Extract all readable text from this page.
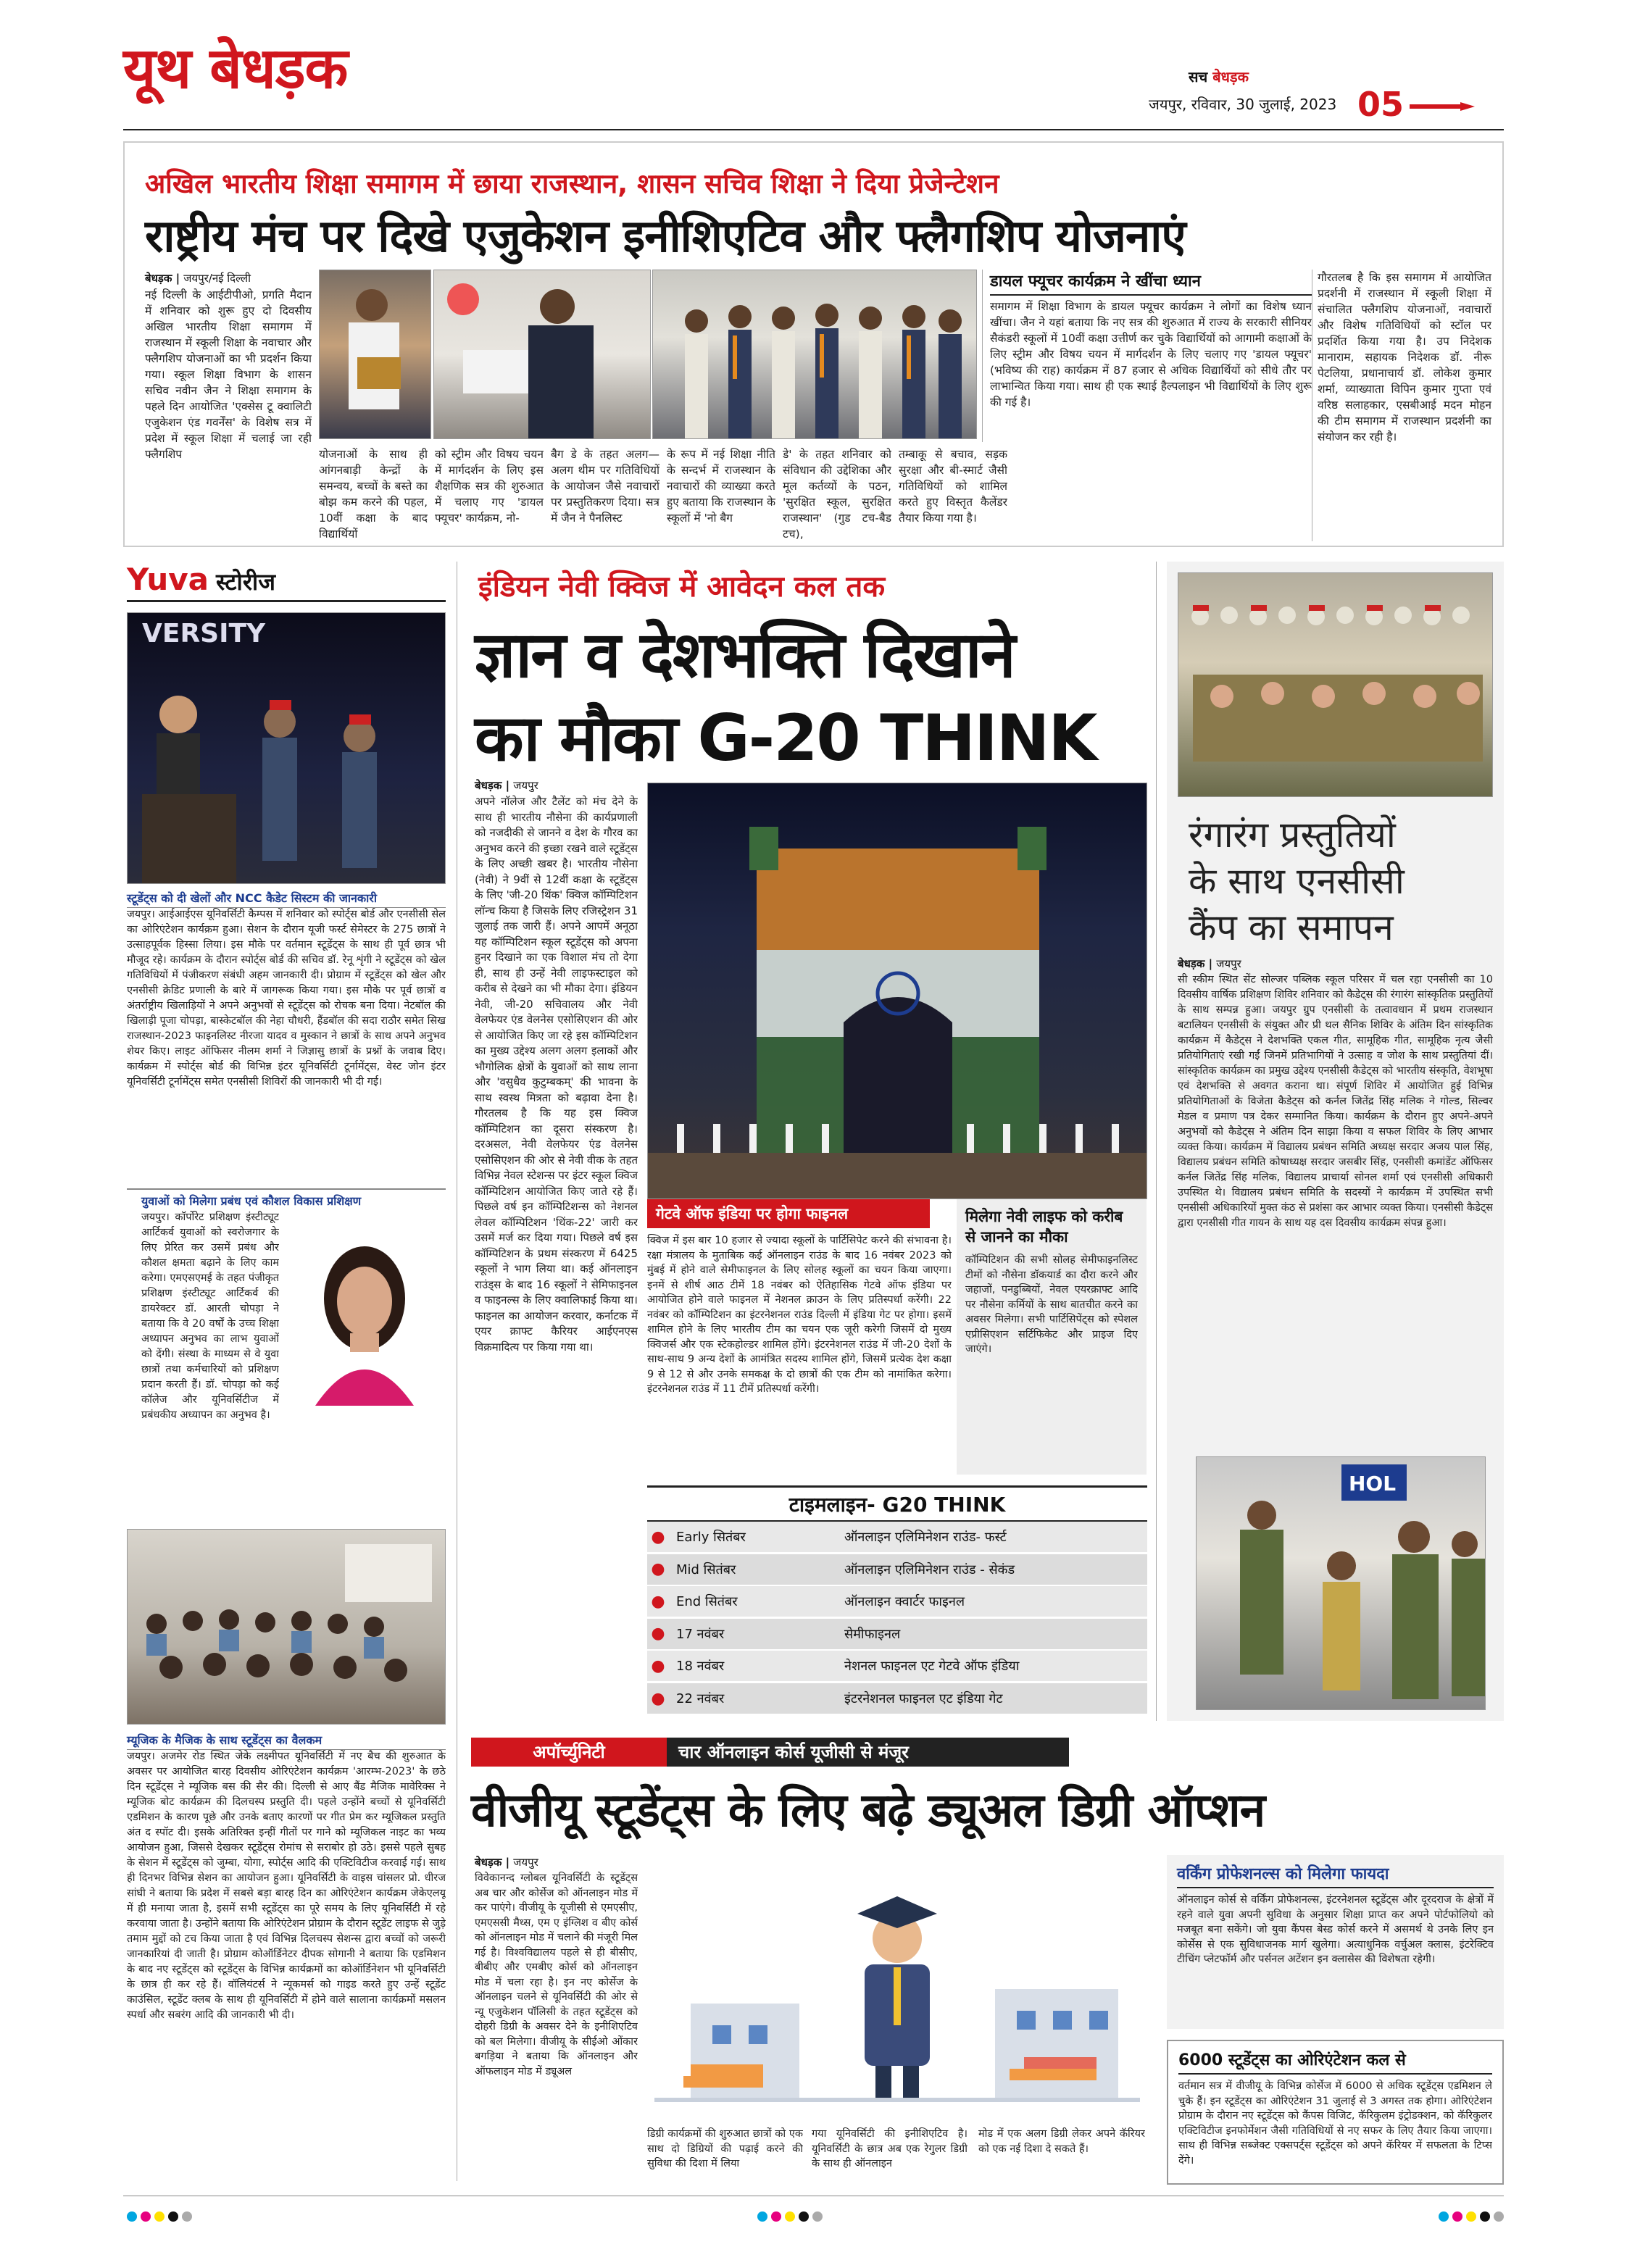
यूथ बेधड़क	सच बेधड़क
जयपुर, रविवार, 30 जुलाई, 2023 05
अखिल भारतीय शिक्षा समागम में छाया राजस्थान, शासन सचिव शिक्षा ने दिया प्रेजेन्टेशन
राष्ट्रीय मंच पर दिखे एजुकेशन इनीशिएटिव और फ्लैगशिप योजनाएं
बेधड़क | जयपुर/नई दिल्ली
नई दिल्ली के आईटीपीओ, प्रगति मैदान में शनिवार को शुरू हुए दो दिवसीय अखिल भारतीय शिक्षा समागम में राजस्थान में स्कूली शिक्षा के नवाचार और फ्लैगशिप योजनाओं का भी प्रदर्शन किया गया। स्कूल शिक्षा विभाग के शासन सचिव नवीन जैन ने शिक्षा समागम के पहले दिन आयोजित 'एक्सेस टू क्वालिटी एजुकेशन एंड गवर्नेंस' के विशेष सत्र में प्रदेश में स्कूल शिक्षा में चलाई जा रही फ्लैगशिप	योजनाओं के साथ ही आंगनबाड़ी केन्द्रों के समन्वय, बच्चों के बस्ते का बोझ कम करने की पहल, 10वीं कक्षा के बाद विद्यार्थियों
को स्ट्रीम और विषय चयन में मार्गदर्शन के लिए इस शैक्षणिक सत्र की शुरुआत में चलाए गए 'डायल फ्यूचर' कार्यक्रम, नो-
बैग डे के तहत अलग—अलग थीम पर गतिविधियों के आयोजन जैसे नवाचारों पर प्रस्तुतिकरण दिया। सत्र में जैन ने पैनलिस्ट
के रूप में नई शिक्षा नीति के सन्दर्भ में राजस्थान के नवाचारों की व्याख्या करते हुए बताया कि राजस्थान के स्कूलों में 'नो बैग
डे' के तहत शनिवार को संविधान की उद्देशिका और मूल कर्तव्यों के पठन, 'सुरक्षित स्कूल, सुरक्षित राजस्थान' (गुड टच-बैड टच),
तम्बाकू से बचाव, सड़क सुरक्षा और बी-स्मार्ट जैसी गतिविधियों को शामिल करते हुए विस्तृत कैलेंडर तैयार किया गया है।
डायल फ्यूचर कार्यक्रम ने खींचा ध्यान
समागम में शिक्षा विभाग के डायल फ्यूचर कार्यक्रम ने लोगों का विशेष ध्यान खींचा। जैन ने यहां बताया कि नए सत्र की शुरुआत में राज्य के सरकारी सीनियर सैकंडरी स्कूलों में 10वीं कक्षा उत्तीर्ण कर चुके विद्यार्थियों को आगामी कक्षाओं के लिए स्ट्रीम और विषय चयन में मार्गदर्शन के लिए चलाए गए 'डायल फ्यूचर' (भविष्य की राह) कार्यक्रम में 87 हजार से अधिक विद्यार्थियों को सीधे तौर पर लाभान्वित किया गया। साथ ही एक स्थाई हैल्पलाइन भी विद्यार्थियों के लिए शुरू की गई है।
गौरतलब है कि इस समागम में आयोजित प्रदर्शनी में राजस्थान में स्कूली शिक्षा में संचालित फ्लैगशिप योजनाओं, नवाचारों और विशेष गतिविधियों को स्टॉल पर प्रदर्शित किया गया है। उप निदेशक मानाराम, सहायक निदेशक डॉ. नीरू पेटलिया, प्रधानाचार्य डॉ. लोकेश कुमार शर्मा, व्याख्याता विपिन कुमार गुप्ता एवं वरिष्ठ सलाहकार, एसबीआई मदन मोहन की टीम समागम में राजस्थान प्रदर्शनी का संयोजन कर रही है।
Yuva स्टोरीज
VERSITY
स्टूडेंट्स को दी खेलों और NCC कैडेट सिस्टम की जानकारी
जयपुर। आईआईएस यूनिवर्सिटी कैम्पस में शनिवार को स्पोर्ट्स बोर्ड और एनसीसी सेल का ओरिएंटेशन कार्यक्रम हुआ। सेशन के दौरान यूजी फर्स्ट सेमेस्टर के 275 छात्रों ने उत्साहपूर्वक हिस्सा लिया। इस मौके पर वर्तमान स्टूडेंट्स के साथ ही पूर्व छात्र भी मौजूद रहे। कार्यक्रम के दौरान स्पोर्ट्स बोर्ड की सचिव डॉ. रेनू शृंगी ने स्टूडेंट्स को खेल गतिविधियों में पंजीकरण संबंधी अहम जानकारी दी। प्रोग्राम में स्टूडेंट्स को खेल और एनसीसी क्रेडिट प्रणाली के बारे में जागरूक किया गया। इस मौके पर पूर्व छात्रों व अंतर्राष्ट्रीय खिलाड़ियों ने अपने अनुभवों से स्टूडेंट्स को रोचक बना दिया। नेटबॉल की खिलाड़ी पूजा चोपड़ा, बास्केटबॉल की नेहा चौधरी, हैंडबॉल की सदा राठौर समेत सिख राजस्थान-2023 फाइनलिस्ट नीरजा यादव व मुस्कान ने छात्रों के साथ अपने अनुभव शेयर किए। लाइट ऑफिसर नीलम शर्मा ने जिज्ञासु छात्रों के प्रश्नों के जवाब दिए। कार्यक्रम में स्पोर्ट्स बोर्ड की विभिन्न इंटर यूनिवर्सिटी टूर्नामेंट्स, वेस्ट जोन इंटर यूनिवर्सिटी टूर्नामेंट्स समेत एनसीसी शिविरों की जानकारी भी दी गई।
युवाओं को मिलेगा प्रबंध एवं कौशल विकास प्रशिक्षण
जयपुर। कॉर्पोरेट प्रशिक्षण इंस्टीट्यूट आर्टिकर्व युवाओं को स्वरोजगार के लिए प्रेरित कर उसमें प्रबंध और कौशल क्षमता बढ़ाने के लिए काम करेगा। एमएसएमई के तहत पंजीकृत प्रशिक्षण इंस्टीट्यूट आर्टिकर्व की डायरेक्टर डॉ. आरती चोपड़ा ने बताया कि वे 20 वर्षों के उच्च शिक्षा अध्यापन अनुभव का लाभ युवाओं को देंगी। संस्था के माध्यम से वे युवा छात्रों तथा कर्मचारियों को प्रशिक्षण प्रदान करती हैं। डॉ. चोपड़ा को कई कॉलेज और यूनिवर्सिटीज में प्रबंधकीय अध्यापन का अनुभव है।
म्यूजिक के मैजिक के साथ स्टूडेंट्स का वैलकम
जयपुर। अजमेर रोड स्थित जेके लक्ष्मीपत यूनिवर्सिटी में नए बैच की शुरुआत के अवसर पर आयोजित बारह दिवसीय ओरिएंटेशन कार्यक्रम 'आरम्भ-2023' के छठे दिन स्टूडेंट्स ने म्यूजिक बस की सैर की। दिल्ली से आए बैंड मैजिक मावेरिक्स ने म्यूजिक बोट कार्यक्रम की दिलचस्प प्रस्तुति दी। पहले उन्होंने बच्चों से यूनिवर्सिटी एडमिशन के कारण पूछे और उनके बताए कारणों पर गीत प्रेम कर म्यूजिकल प्रस्तुति अंत द स्पॉट दी। इसके अतिरिक्त इन्हीं गीतों पर गाने को म्यूजिकल नाइट का भव्य आयोजन हुआ, जिससे देखकर स्टूडेंट्स रोमांच से सराबोर हो उठे। इससे पहले सुबह के सेशन में स्टूडेंट्स को जुम्बा, योगा, स्पोर्ट्स आदि की एक्टिविटीज करवाई गई। साथ ही दिनभर विभिन्न सेशन का आयोजन हुआ। यूनिवर्सिटी के वाइस चांसलर प्रो. धीरज सांघी ने बताया कि प्रदेश में सबसे बड़ा बारह दिन का ओरिएंटेशन कार्यक्रम जेकेएलयू में ही मनाया जाता है, इसमें सभी स्टूडेंट्स का पूरे समय के लिए यूनिवर्सिटी में रहे करवाया जाता है। उन्होंने बताया कि ओरिएंटेशन प्रोग्राम के दौरान स्टूडेंट लाइफ से जुड़े तमाम मुद्दों को टच किया जाता है एवं विभिन्न दिलचस्प सेशन्स द्वारा बच्चों को जरूरी जानकारियां दी जाती है। प्रोग्राम कोऑर्डिनेटर दीपक सोगानी ने बताया कि एडमिशन के बाद नए स्टूडेंट्स को स्टूडेंट्स के विभिन्न कार्यक्रमों का कोऑर्डिनेशन भी यूनिवर्सिटी के छात्र ही कर रहे हैं। वॉलियंटर्स ने न्यूकमर्स को गाइड करते हुए उन्हें स्टूडेंट काउंसिल, स्टूडेंट क्लब के साथ ही यूनिवर्सिटी में होने वाले सालाना कार्यक्रमों मसलन स्पर्धा और सबरंग आदि की जानकारी भी दी।
इंडियन नेवी क्विज में आवेदन कल तक
ज्ञान व देशभक्ति दिखाने
का मौका G-20 THINK
बेधड़क | जयपुर
अपने नॉलेज और टैलेंट को मंच देने के साथ ही भारतीय नौसेना की कार्यप्रणाली को नजदीकी से जानने व देश के गौरव का अनुभव करने की इच्छा रखने वाले स्टूडेंट्स के लिए अच्छी खबर है। भारतीय नौसेना (नेवी) ने 9वीं से 12वीं कक्षा के स्टूडेंट्स के लिए 'जी-20 थिंक' क्विज कॉम्पिटिशन लॉन्च किया है जिसके लिए रजिस्ट्रेशन 31 जुलाई तक जारी हैं। अपने आपमें अनूठा यह कॉम्पिटिशन स्कूल स्टूडेंट्स को अपना हुनर दिखाने का एक विशाल मंच तो देगा ही, साथ ही उन्हें नेवी लाइफस्टाइल को करीब से देखने का भी मौका देगा। इंडियन नेवी, जी-20 सचिवालय और नेवी वेलफेयर एंड वेलनेस एसोसिएशन की ओर से आयोजित किए जा रहे इस कॉम्पिटिशन का मुख्य उद्देश्य अलग अलग इलाकों और भौगोलिक क्षेत्रों के युवाओं को साथ लाना और 'वसुधैव कुटुम्बकम्' की भावना के साथ स्वस्थ मित्रता को बढ़ावा देना है। गौरतलब है कि यह इस क्विज कॉम्पिटिशन का दूसरा संस्करण है। दरअसल, नेवी वेलफेयर एंड वेलनेस एसोसिएशन की ओर से नेवी वीक के तहत विभिन्न नेवल स्टेशन्स पर इंटर स्कूल क्विज कॉम्पिटिशन आयोजित किए जाते रहे हैं। पिछले वर्ष इन कॉम्पिटिशन्स को नेशनल लेवल कॉम्पिटिशन 'थिंक-22' जारी कर उसमें मर्ज कर दिया गया। पिछले वर्ष इस कॉम्पिटिशन के प्रथम संस्करण में 6425 स्कूलों ने भाग लिया था। कई ऑनलाइन राउंड्स के बाद 16 स्कूलों ने सेमिफाइनल व फाइनल्स के लिए क्वालिफाई किया था। फाइनल का आयोजन करवार, कर्नाटक में एयर क्राफ्ट कैरियर आईएनएस विक्रमादित्य पर किया गया था।
गेटवे ऑफ इंडिया पर होगा फाइनल
क्विज में इस बार 10 हजार से ज्यादा स्कूलों के पार्टिसिपेट करने की संभावना है। रक्षा मंत्रालय के मुताबिक कई ऑनलाइन राउंड के बाद 16 नवंबर 2023 को मुंबई में होने वाले सेमीफाइनल के लिए सोलह स्कूलों का चयन किया जाएगा। इनमें से शीर्ष आठ टीमें 18 नवंबर को ऐतिहासिक गेटवे ऑफ इंडिया पर आयोजित होने वाले फाइनल में नेशनल क्राउन के लिए प्रतिस्पर्धा करेंगी। 22 नवंबर को कॉम्पिटिशन का इंटरनेशनल राउंड दिल्ली में इंडिया गेट पर होगा। इसमें शामिल होने के लिए भारतीय टीम का चयन एक जूरी करेगी जिसमें दो मुख्य क्विजर्स और एक स्टेकहोल्डर शामिल होंगे। इंटरनेशनल राउंड में जी-20 देशों के साथ-साथ 9 अन्य देशों के आमंत्रित सदस्य शामिल होंगे, जिसमें प्रत्येक देश कक्षा 9 से 12 से और उनके समकक्ष के दो छात्रों की एक टीम को नामांकित करेगा। इंटरनेशनल राउंड में 11 टीमें प्रतिस्पर्धा करेंगी।
मिलेगा नेवी लाइफ को करीब से जानने का मौका
कॉम्पिटिशन की सभी सोलह सेमीफाइनलिस्ट टीमों को नौसेना डॉकयार्ड का दौरा करने और जहाजों, पनडुब्बियों, नेवल एयरक्राफ्ट आदि पर नौसेना कर्मियों के साथ बातचीत करने का अवसर मिलेगा। सभी पार्टिसिपेंट्स को स्पेशल एप्रीसिएशन सर्टिफिकेट और प्राइज दिए जाएंगे।
टाइमलाइन- G20 THINK
● Early सितंबर	ऑनलाइन एलिमिनेशन राउंड- फर्स्ट
● Mid सितंबर	ऑनलाइन एलिमिनेशन राउंड - सेकंड
● End सितंबर	ऑनलाइन क्वार्टर फाइनल
● 17 नवंबर	सेमीफाइनल
● 18 नवंबर	नेशनल फाइनल एट गेटवे ऑफ इंडिया
● 22 नवंबर	इंटरनेशनल फाइनल एट इंडिया गेट
रंगारंग प्रस्तुतियों
के साथ एनसीसी
कैंप का समापन
बेधड़क | जयपुर
सी स्कीम स्थित सेंट सोल्जर पब्लिक स्कूल परिसर में चल रहा एनसीसी का 10 दिवसीय वार्षिक प्रशिक्षण शिविर शनिवार को कैडेट्स की रंगारंग सांस्कृतिक प्रस्तुतियों के साथ सम्पन्न हुआ। जयपुर ग्रुप एनसीसी के तत्वावधान में प्रथम राजस्थान बटालियन एनसीसी के संयुक्त और प्री थल सैनिक शिविर के अंतिम दिन सांस्कृतिक कार्यक्रम में कैडेट्स ने देशभक्ति एकल गीत, सामूहिक गीत, सामूहिक नृत्य जैसी प्रतियोगिताएं रखी गईं जिनमें प्रतिभागियों ने उत्साह व जोश के साथ प्रस्तुतियां दीं। सांस्कृतिक कार्यक्रम का प्रमुख उद्देश्य एनसीसी कैडेट्स को भारतीय संस्कृति, वेशभूषा एवं देशभक्ति से अवगत कराना था। संपूर्ण शिविर में आयोजित हुई विभिन्न प्रतियोगिताओं के विजेता कैडेट्स को कर्नल जितेंद्र सिंह मलिक ने गोल्ड, सिल्वर मेडल व प्रमाण पत्र देकर सम्मानित किया। कार्यक्रम के दौरान हुए अपने-अपने अनुभवों को कैडेट्स ने अंतिम दिन साझा किया व सफल शिविर के लिए आभार व्यक्त किया। कार्यक्रम में विद्यालय प्रबंधन समिति अध्यक्ष सरदार अजय पाल सिंह, विद्यालय प्रबंधन समिति कोषाध्यक्ष सरदार जसबीर सिंह, एनसीसी कमांडेंट ऑफिसर कर्नल जितेंद्र सिंह मलिक, विद्यालय प्राचार्या सोनल शर्मा एवं एनसीसी अधिकारी उपस्थित थे। विद्यालय प्रबंधन समिति के सदस्यों ने कार्यक्रम में उपस्थित सभी एनसीसी अधिकारियों मुक्त कंठ से प्रशंसा कर आभार व्यक्त किया। एनसीसी कैडेट्स द्वारा एनसीसी गीत गायन के साथ यह दस दिवसीय कार्यक्रम संपन्न हुआ।
HOL
अपॉर्च्युनिटी	चार ऑनलाइन कोर्स यूजीसी से मंजूर
वीजीयू स्टूडेंट्स के लिए बढ़े ड्यूअल डिग्री ऑप्शन
बेधड़क | जयपुर
विवेकानन्द ग्लोबल यूनिवर्सिटी के स्टूडेंट्स अब चार और कोर्सेज को ऑनलाइन मोड में कर पाएंगे। वीजीयू के यूजीसी से एमएसीए, एमएससी मैथ्स, एम ए इंग्लिश व बीए कोर्स को ऑनलाइन मोड में चलाने की मंजूरी मिल गई है। विश्वविद्यालय पहले से ही बीसीए, बीबीए और एमबीए कोर्स को ऑनलाइन मोड में चला रहा है। इन नए कोर्सेज के ऑनलाइन चलने से यूनिवर्सिटी की ओर से न्यू एजुकेशन पॉलिसी के तहत स्टूडेंट्स को दोहरी डिग्री के अवसर देने के इनीशिएटिव को बल मिलेगा। वीजीयू के सीईओ ओंकार बगड़िया ने बताया कि ऑनलाइन और ऑफलाइन मोड में ड्यूअल
डिग्री कार्यक्रमों की शुरुआत छात्रों को एक साथ दो डिग्रियों की पढ़ाई करने की सुविधा की दिशा में लिया
गया यूनिवर्सिटी की इनीशिएटिव है। यूनिवर्सिटी के छात्र अब एक रेगुलर डिग्री के साथ ही ऑनलाइन
मोड में एक अलग डिग्री लेकर अपने कॅरियर को एक नई दिशा दे सकते हैं।
वर्किंग प्रोफेशनल्स को मिलेगा फायदा
ऑनलाइन कोर्स से वर्किंग प्रोफेशनल्स, इंटरनेशनल स्टूडेंट्स और दूरदराज के क्षेत्रों में रहने वाले युवा अपनी सुविधा के अनुसार शिक्षा प्राप्त कर अपने पोर्टफोलियो को मजबूत बना सकेंगे। जो युवा कैंपस बेस्ड कोर्स करने में असमर्थ थे उनके लिए इन कोर्सेस से एक सुविधाजनक मार्ग खुलेगा। अत्याधुनिक वर्चुअल क्लास, इंटरेक्टिव टीचिंग प्लेटफॉर्म और पर्सनल अटेंशन इन क्लासेस की विशेषता रहेगी।
6000 स्टूडेंट्स का ओरिएंटेशन कल से
वर्तमान सत्र में वीजीयू के विभिन्न कोर्सेज में 6000 से अधिक स्टूडेंट्स एडमिशन ले चुके हैं। इन स्टूडेंट्स का ओरिएंटेशन 31 जुलाई से 3 अगस्त तक होगा। ओरिएंटेशन प्रोग्राम के दौरान नए स्टूडेंट्स को कैंपस विजिट, कॅरिकुलम इंट्रोडक्शन, को कॅरिकुलर एक्टिविटीज इनफोर्मेशन जैसी गतिविधियों से नए सफर के लिए तैयार किया जाएगा। साथ ही विभिन्न सब्जेक्ट एक्सपर्ट्स स्टूडेंट्स को अपने कॅरियर में सफलता के टिप्स देंगे।
